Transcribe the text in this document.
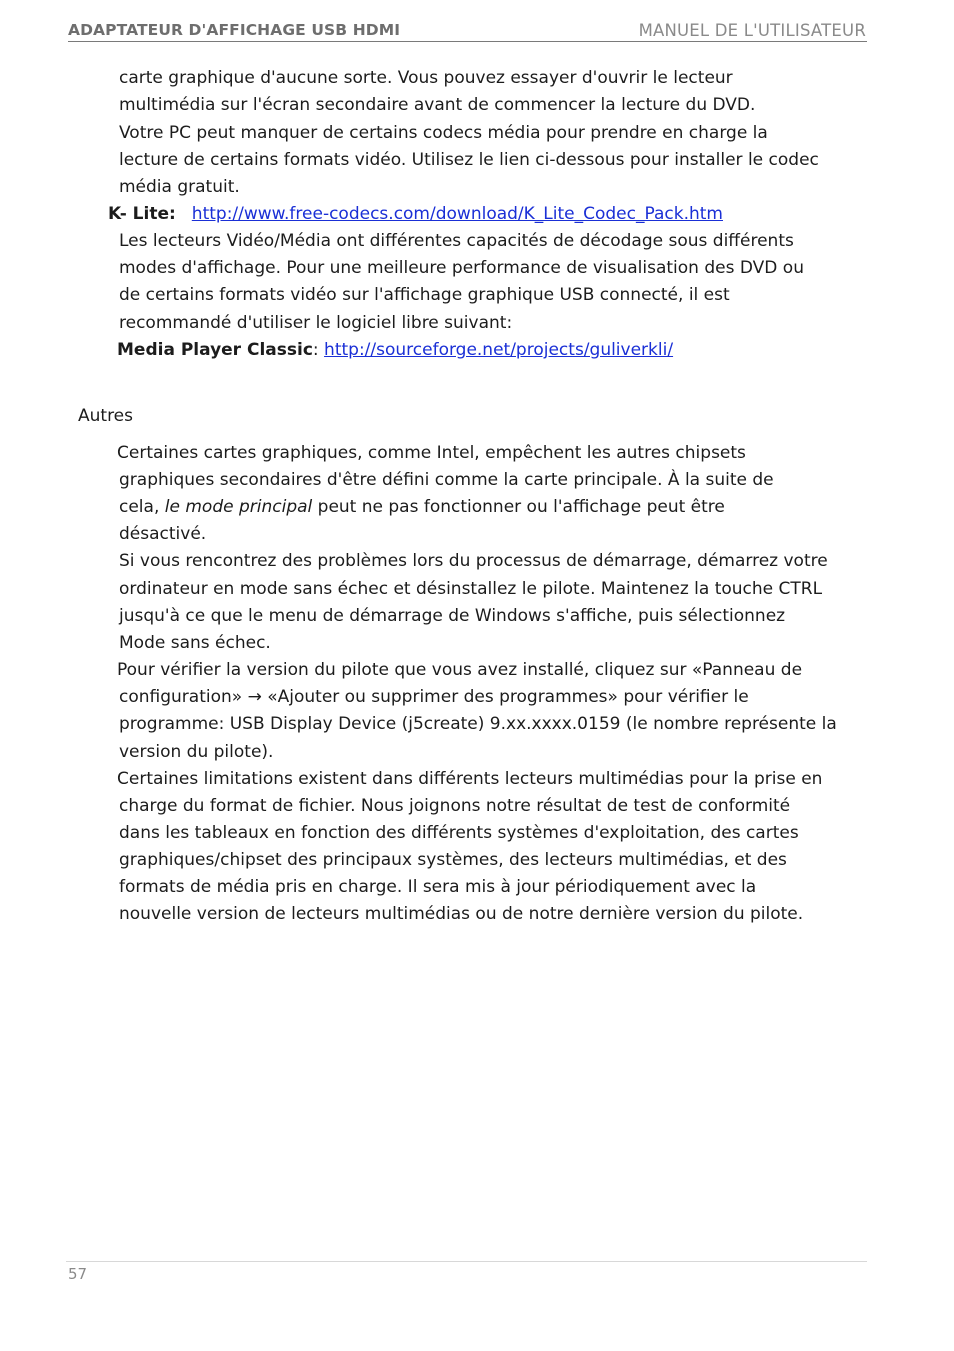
ADAPTATEUR D'AFFICHAGE USB HDMI	MANUEL DE L'UTILISATEUR
carte graphique d'aucune sorte. Vous pouvez essayer d'ouvrir le lecteur
multimédia sur l'écran secondaire avant de commencer la lecture du DVD.
Votre PC peut manquer de certains codecs média pour prendre en charge la
lecture de certains formats vidéo. Utilisez le lien ci-dessous pour installer le codec
média gratuit.
K- Lite: http://www.free-codecs.com/download/K_Lite_Codec_Pack.htm
Les lecteurs Vidéo/Média ont différentes capacités de décodage sous différents
modes d'affichage. Pour une meilleure performance de visualisation des DVD ou
de certains formats vidéo sur l'affichage graphique USB connecté, il est
recommandé d'utiliser le logiciel libre suivant:
Media Player Classic: http://sourceforge.net/projects/guliverkli/
Autres
Certaines cartes graphiques, comme Intel, empêchent les autres chipsets
graphiques secondaires d'être défini comme la carte principale. À la suite de
cela, le mode principal peut ne pas fonctionner ou l'affichage peut être
désactivé.
Si vous rencontrez des problèmes lors du processus de démarrage, démarrez votre
ordinateur en mode sans échec et désinstallez le pilote. Maintenez la touche CTRL
jusqu'à ce que le menu de démarrage de Windows s'affiche, puis sélectionnez
Mode sans échec.
Pour vérifier la version du pilote que vous avez installé, cliquez sur «Panneau de
configuration» → «Ajouter ou supprimer des programmes» pour vérifier le
programme: USB Display Device (j5create) 9.xx.xxxx.0159 (le nombre représente la
version du pilote).
Certaines limitations existent dans différents lecteurs multimédias pour la prise en
charge du format de fichier. Nous joignons notre résultat de test de conformité
dans les tableaux en fonction des différents systèmes d'exploitation, des cartes
graphiques/chipset des principaux systèmes, des lecteurs multimédias, et des
formats de média pris en charge. Il sera mis à jour périodiquement avec la
nouvelle version de lecteurs multimédias ou de notre dernière version du pilote.
57
